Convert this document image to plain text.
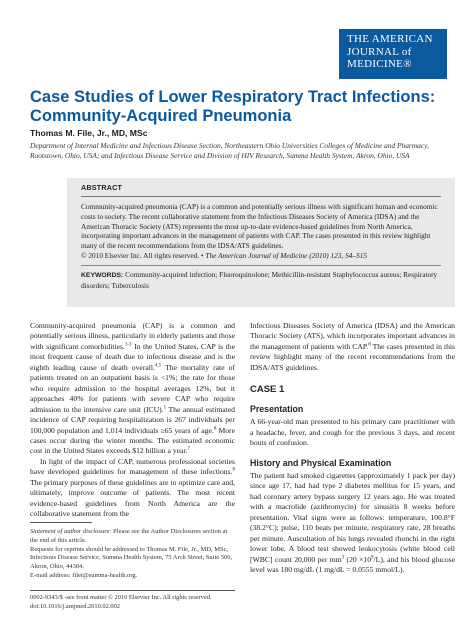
THE AMERICAN
JOURNAL of
MEDICINE®
Case Studies of Lower Respiratory Tract Infections:
Community-Acquired Pneumonia
Thomas M. File, Jr., MD, MSc
Department of Internal Medicine and Infectious Disease Section, Northeastern Ohio Universities Colleges of Medicine and Pharmacy, Rootstown, Ohio, USA; and Infectious Disease Service and Division of HIV Research, Summa Health System, Akron, Ohio, USA
ABSTRACT
Community-acquired pneumonia (CAP) is a common and potentially serious illness with significant human and economic costs to society. The recent collaborative statement from the Infectious Diseases Society of America (IDSA) and the American Thoracic Society (ATS) represents the most up-to-date evidence-based guidelines from North America, incorporating important advances in the management of patients with CAP. The cases presented in this review highlight many of the recent recommendations from the IDSA/ATS guidelines.
© 2010 Elsevier Inc. All rights reserved. • The American Journal of Medicine (2010) 123, S4–S15
KEYWORDS: Community-acquired infection; Fluoroquinolone; Methicillin-resistant Staphylococcus aureus; Respiratory disorders; Tuberculosis

Community-acquired pneumonia (CAP) is a common and potentially serious illness, particularly in elderly patients and those with significant comorbidities.$^{1-3}$ In the United States, CAP is the most frequent cause of death due to infectious disease and is the eighth leading cause of death overall.$^{4,5}$ The mortality rate of patients treated on an outpatient basis is <1%; the rate for those who require admission to the hospital averages 12%, but it approaches 40% for patients with severe CAP who require admission to the intensive care unit (ICU).$^1$ The annual estimated incidence of CAP requiring hospitalization is 267 individuals per 100,000 population and 1,014 individuals ≥65 years of age.$^6$ More cases occur during the winter months. The estimated economic cost in the United States exceeds $12 billion a year.$^7$

In light of the impact of CAP, numerous professional societies have developed guidelines for management of these infections.$^8$ The primary purposes of these guidelines are to optimize care and, ultimately, improve outcome of patients. The most recent evidence-based guidelines from North America are the collaborative statement from the

Statement of author disclosure: Please see the Author Disclosures section at the end of this article.

Requests for reprints should be addressed to Thomas M. File, Jr., MD, MSc, Infectious Disease Service, Summa Health System, 75 Arch Street, Suite 506, Akron, Ohio, 44304.

E-mail address: filet@summa-health.org.

0002-9343/$ -see front matter © 2010 Elsevier Inc. All rights reserved.
doi:10.1016/j.amjmed.2010.02.002

Infectious Diseases Society of America (IDSA) and the American Thoracic Society (ATS), which incorporates important advances in the management of patients with CAP.$^8$ The cases presented in this review highlight many of the recent recommendations from the IDSA/ATS guidelines.

CASE 1

Presentation

A 66-year-old man presented to his primary care practitioner with a headache, fever, and cough for the previous 3 days, and recent bouts of confusion.

History and Physical Examination

The patient had smoked cigarettes (approximately 1 pack per day) since age 17, had had type 2 diabetes mellitus for 15 years, and had coronary artery bypass surgery 12 years ago. He was treated with a macrolide (azithromycin) for sinusitis 8 weeks before presentation. Vital signs were as follows: temperature, 100.8°F (38.2°C); pulse, 110 beats per minute, respiratory rate, 28 breaths per minute. Auscultation of his lungs revealed rhonchi in the right lower lobe. A blood test showed leukocytosis (white blood cell [WBC] count 20,000 per $mm^3$ $(20 \times 10^9/L)$, and his blood glucose level was 180 mg/dL (1 mg/dL = 0.0555 mmol/L).
